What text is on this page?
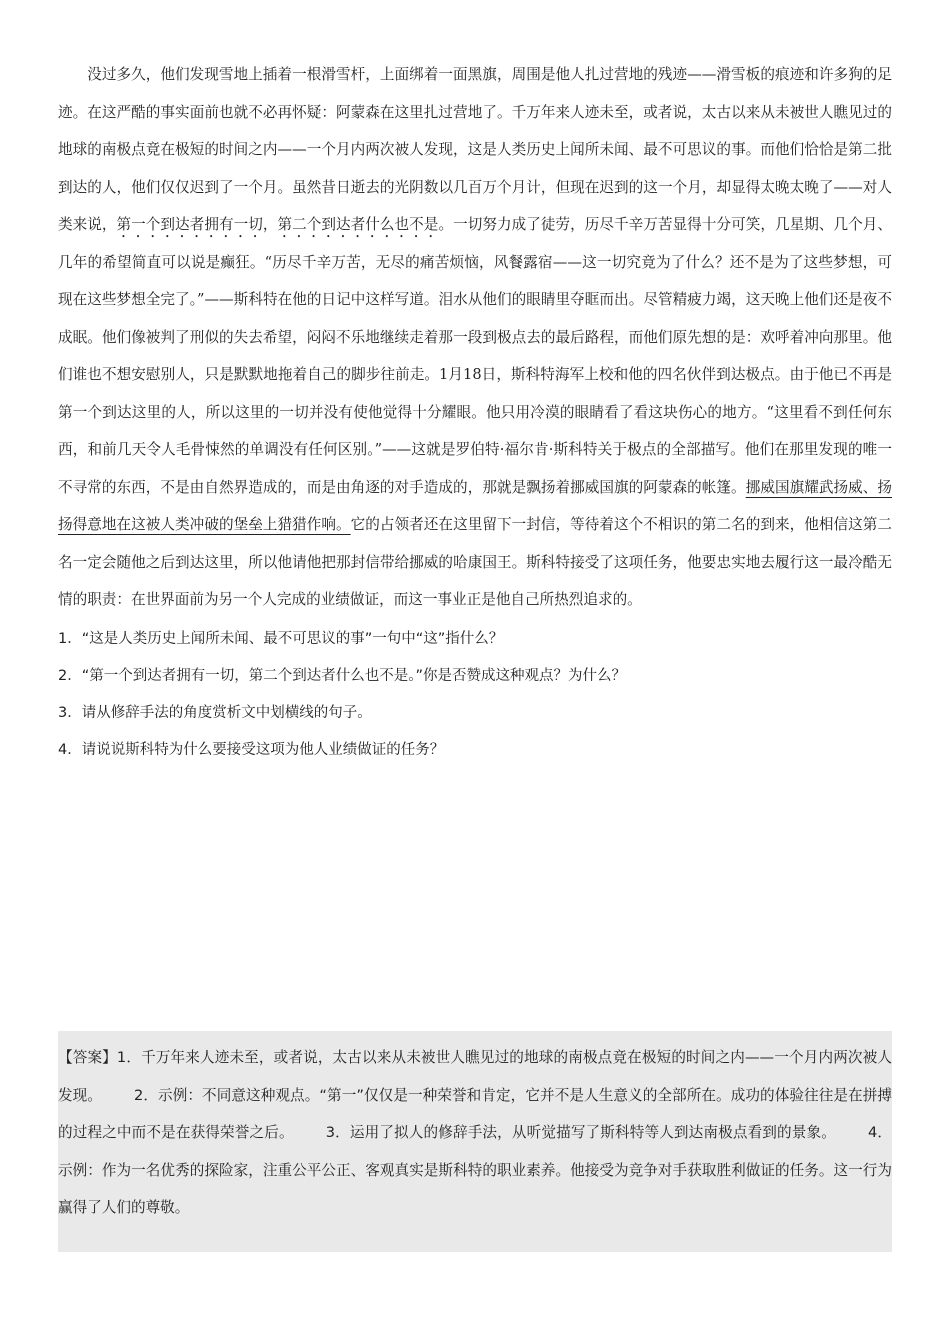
没过多久，他们发现雪地上插着一根滑雪杆，上面绑着一面黑旗，周围是他人扎过营地的残迹——滑雪板的痕迹和许多狗的足迹。在这严酷的事实面前也就不必再怀疑：阿蒙森在这里扎过营地了。千万年来人迹未至，或者说，太古以来从未被世人瞧见过的地球的南极点竟在极短的时间之内——一个月内两次被人发现，这是人类历史上闻所未闻、最不可思议的事。而他们恰恰是第二批到达的人，他们仅仅迟到了一个月。虽然昔日逝去的光阴数以几百万个月计，但现在迟到的这一个月，却显得太晚太晚了——对人类来说，第一个到达者拥有一切，第二个到达者什么也不是。一切努力成了徒劳，历尽千辛万苦显得十分可笑，几星期、几个月、几年的希望简直可以说是癫狂。“历尽千辛万苦，无尽的痛苦烦恼，风餐露宿——这一切究竟为了什么？还不是为了这些梦想，可现在这些梦想全完了。”——斯科特在他的日记中这样写道。泪水从他们的眼睛里夺眶而出。尽管精疲力竭，这天晚上他们还是夜不成眠。他们像被判了刑似的失去希望，闷闷不乐地继续走着那一段到极点去的最后路程，而他们原先想的是：欢呼着冲向那里。他们谁也不想安慰别人，只是默默地拖着自己的脚步往前走。1月18日，斯科特海军上校和他的四名伙伴到达极点。由于他已不再是第一个到达这里的人，所以这里的一切并没有使他觉得十分耀眼。他只用冷漠的眼睛看了看这块伤心的地方。“这里看不到任何东西，和前几天令人毛骨悚然的单调没有任何区别。”——这就是罗伯特·福尔肯·斯科特关于极点的全部描写。他们在那里发现的唯一不寻常的东西，不是由自然界造成的，而是由角逐的对手造成的，那就是飘扬着挪威国旗的阿蒙森的帐篷。挪威国旗耀武扬威、扬扬得意地在这被人类冲破的堡垒上猎猎作响。它的占领者还在这里留下一封信，等待着这个不相识的第二名的到来，他相信这第二名一定会随他之后到达这里，所以他请他把那封信带给挪威的哈康国王。斯科特接受了这项任务，他要忠实地去履行这一最冷酷无情的职责：在世界面前为另一个人完成的业绩做证，而这一事业正是他自己所热烈追求的。

1．“这是人类历史上闻所未闻、最不可思议的事”一句中“这”指什么？
2．“第一个到达者拥有一切，第二个到达者什么也不是。”你是否赞成这种观点？为什么？
3．请从修辞手法的角度赏析文中划横线的句子。
4．请说说斯科特为什么要接受这项为他人业绩做证的任务？
【答案】1．千万年来人迹未至，或者说，太古以来从未被世人瞧见过的地球的南极点竟在极短的时间之内——一个月内两次被人发现。 2．示例：不同意这种观点。“第一”仅仅是一种荣誉和肯定，它并不是人生意义的全部所在。成功的体验往往是在拼搏的过程之中而不是在获得荣誉之后。 3．运用了拟人的修辞手法，从听觉描写了斯科特等人到达南极点看到的景象。 4．示例：作为一名优秀的探险家，注重公平公正、客观真实是斯科特的职业素养。他接受为竞争对手获取胜利做证的任务。这一行为赢得了人们的尊敬。
